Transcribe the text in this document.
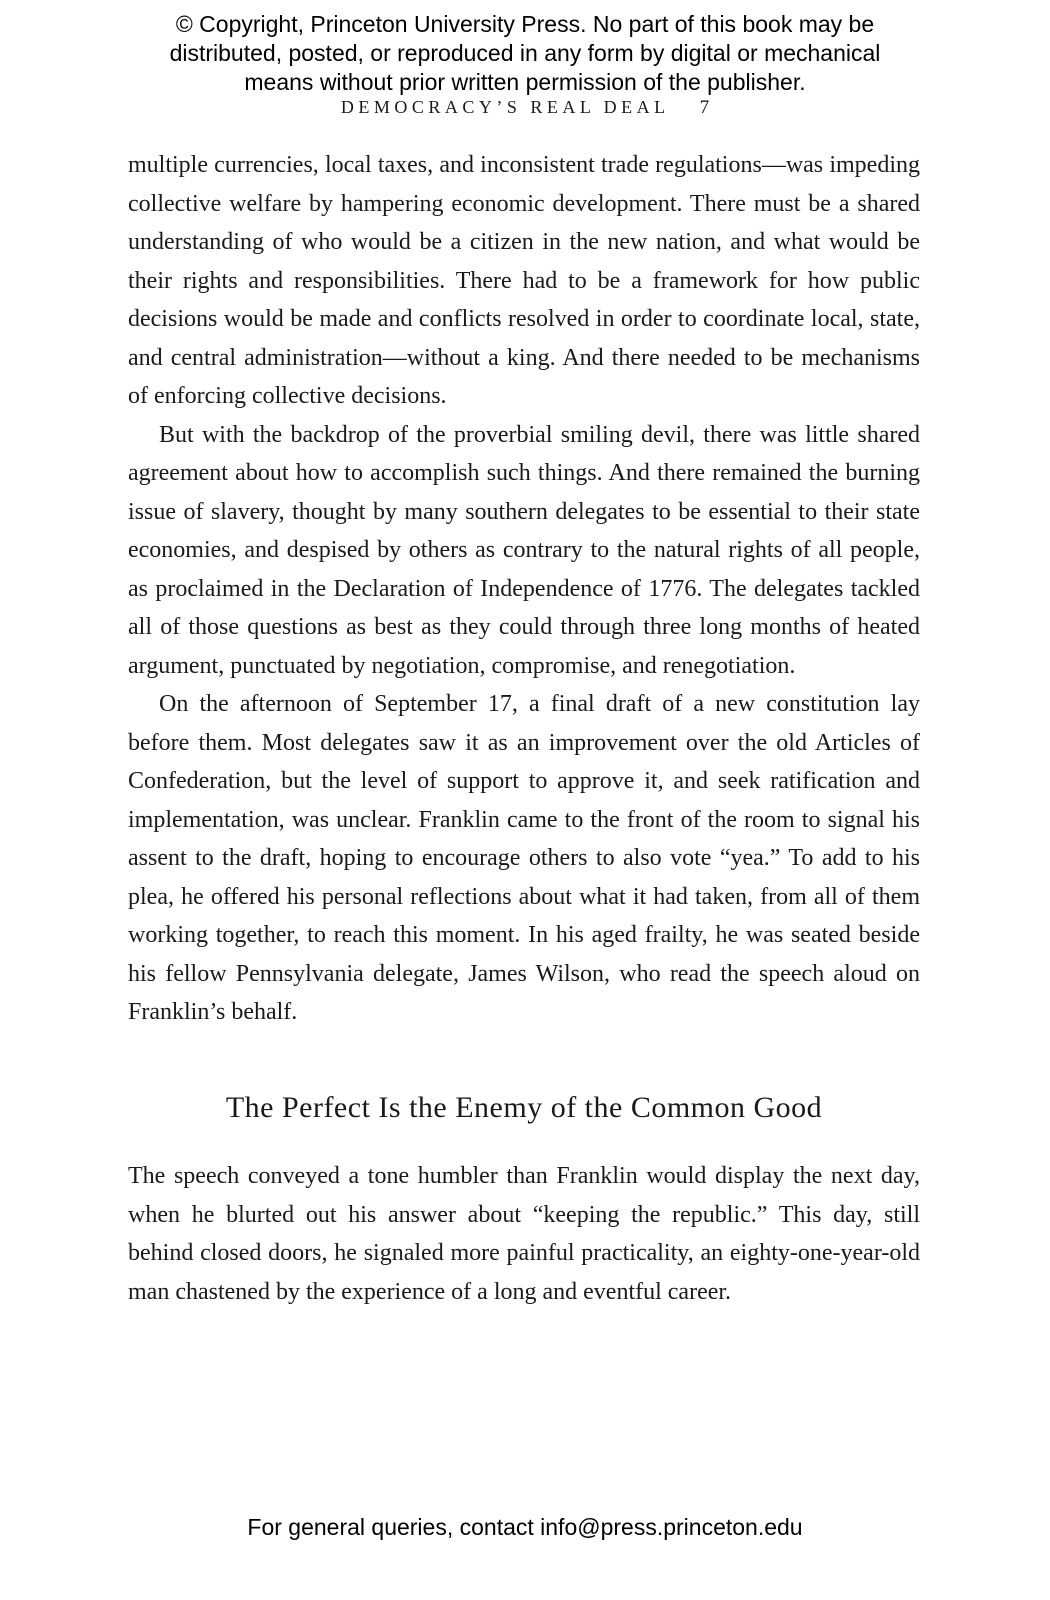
© Copyright, Princeton University Press. No part of this book may be
distributed, posted, or reproduced in any form by digital or mechanical
means without prior written permission of the publisher.
DEMOCRACY’S REAL DEAL 7

multiple currencies, local taxes, and inconsistent trade regulations—was impeding collective welfare by hampering economic development. There must be a shared understanding of who would be a citizen in the new nation, and what would be their rights and responsibilities. There had to be a framework for how public decisions would be made and conflicts resolved in order to coordinate local, state, and central administration—without a king. And there needed to be mechanisms of enforcing collective decisions.

But with the backdrop of the proverbial smiling devil, there was little shared agreement about how to accomplish such things. And there remained the burning issue of slavery, thought by many southern delegates to be essential to their state economies, and despised by others as contrary to the natural rights of all people, as proclaimed in the Declaration of Independence of 1776. The delegates tackled all of those questions as best as they could through three long months of heated argument, punctuated by negotiation, compromise, and renegotiation.

On the afternoon of September 17, a final draft of a new constitution lay before them. Most delegates saw it as an improvement over the old Articles of Confederation, but the level of support to approve it, and seek ratification and implementation, was unclear. Franklin came to the front of the room to signal his assent to the draft, hoping to encourage others to also vote “yea.” To add to his plea, he offered his personal reflections about what it had taken, from all of them working together, to reach this moment. In his aged frailty, he was seated beside his fellow Pennsylvania delegate, James Wilson, who read the speech aloud on Franklin’s behalf.

The Perfect Is the Enemy of the Common Good

The speech conveyed a tone humbler than Franklin would display the next day, when he blurted out his answer about “keeping the republic.” This day, still behind closed doors, he signaled more painful practicality, an eighty-one-year-old man chastened by the experience of a long and eventful career.

For general queries, contact info@press.princeton.edu
